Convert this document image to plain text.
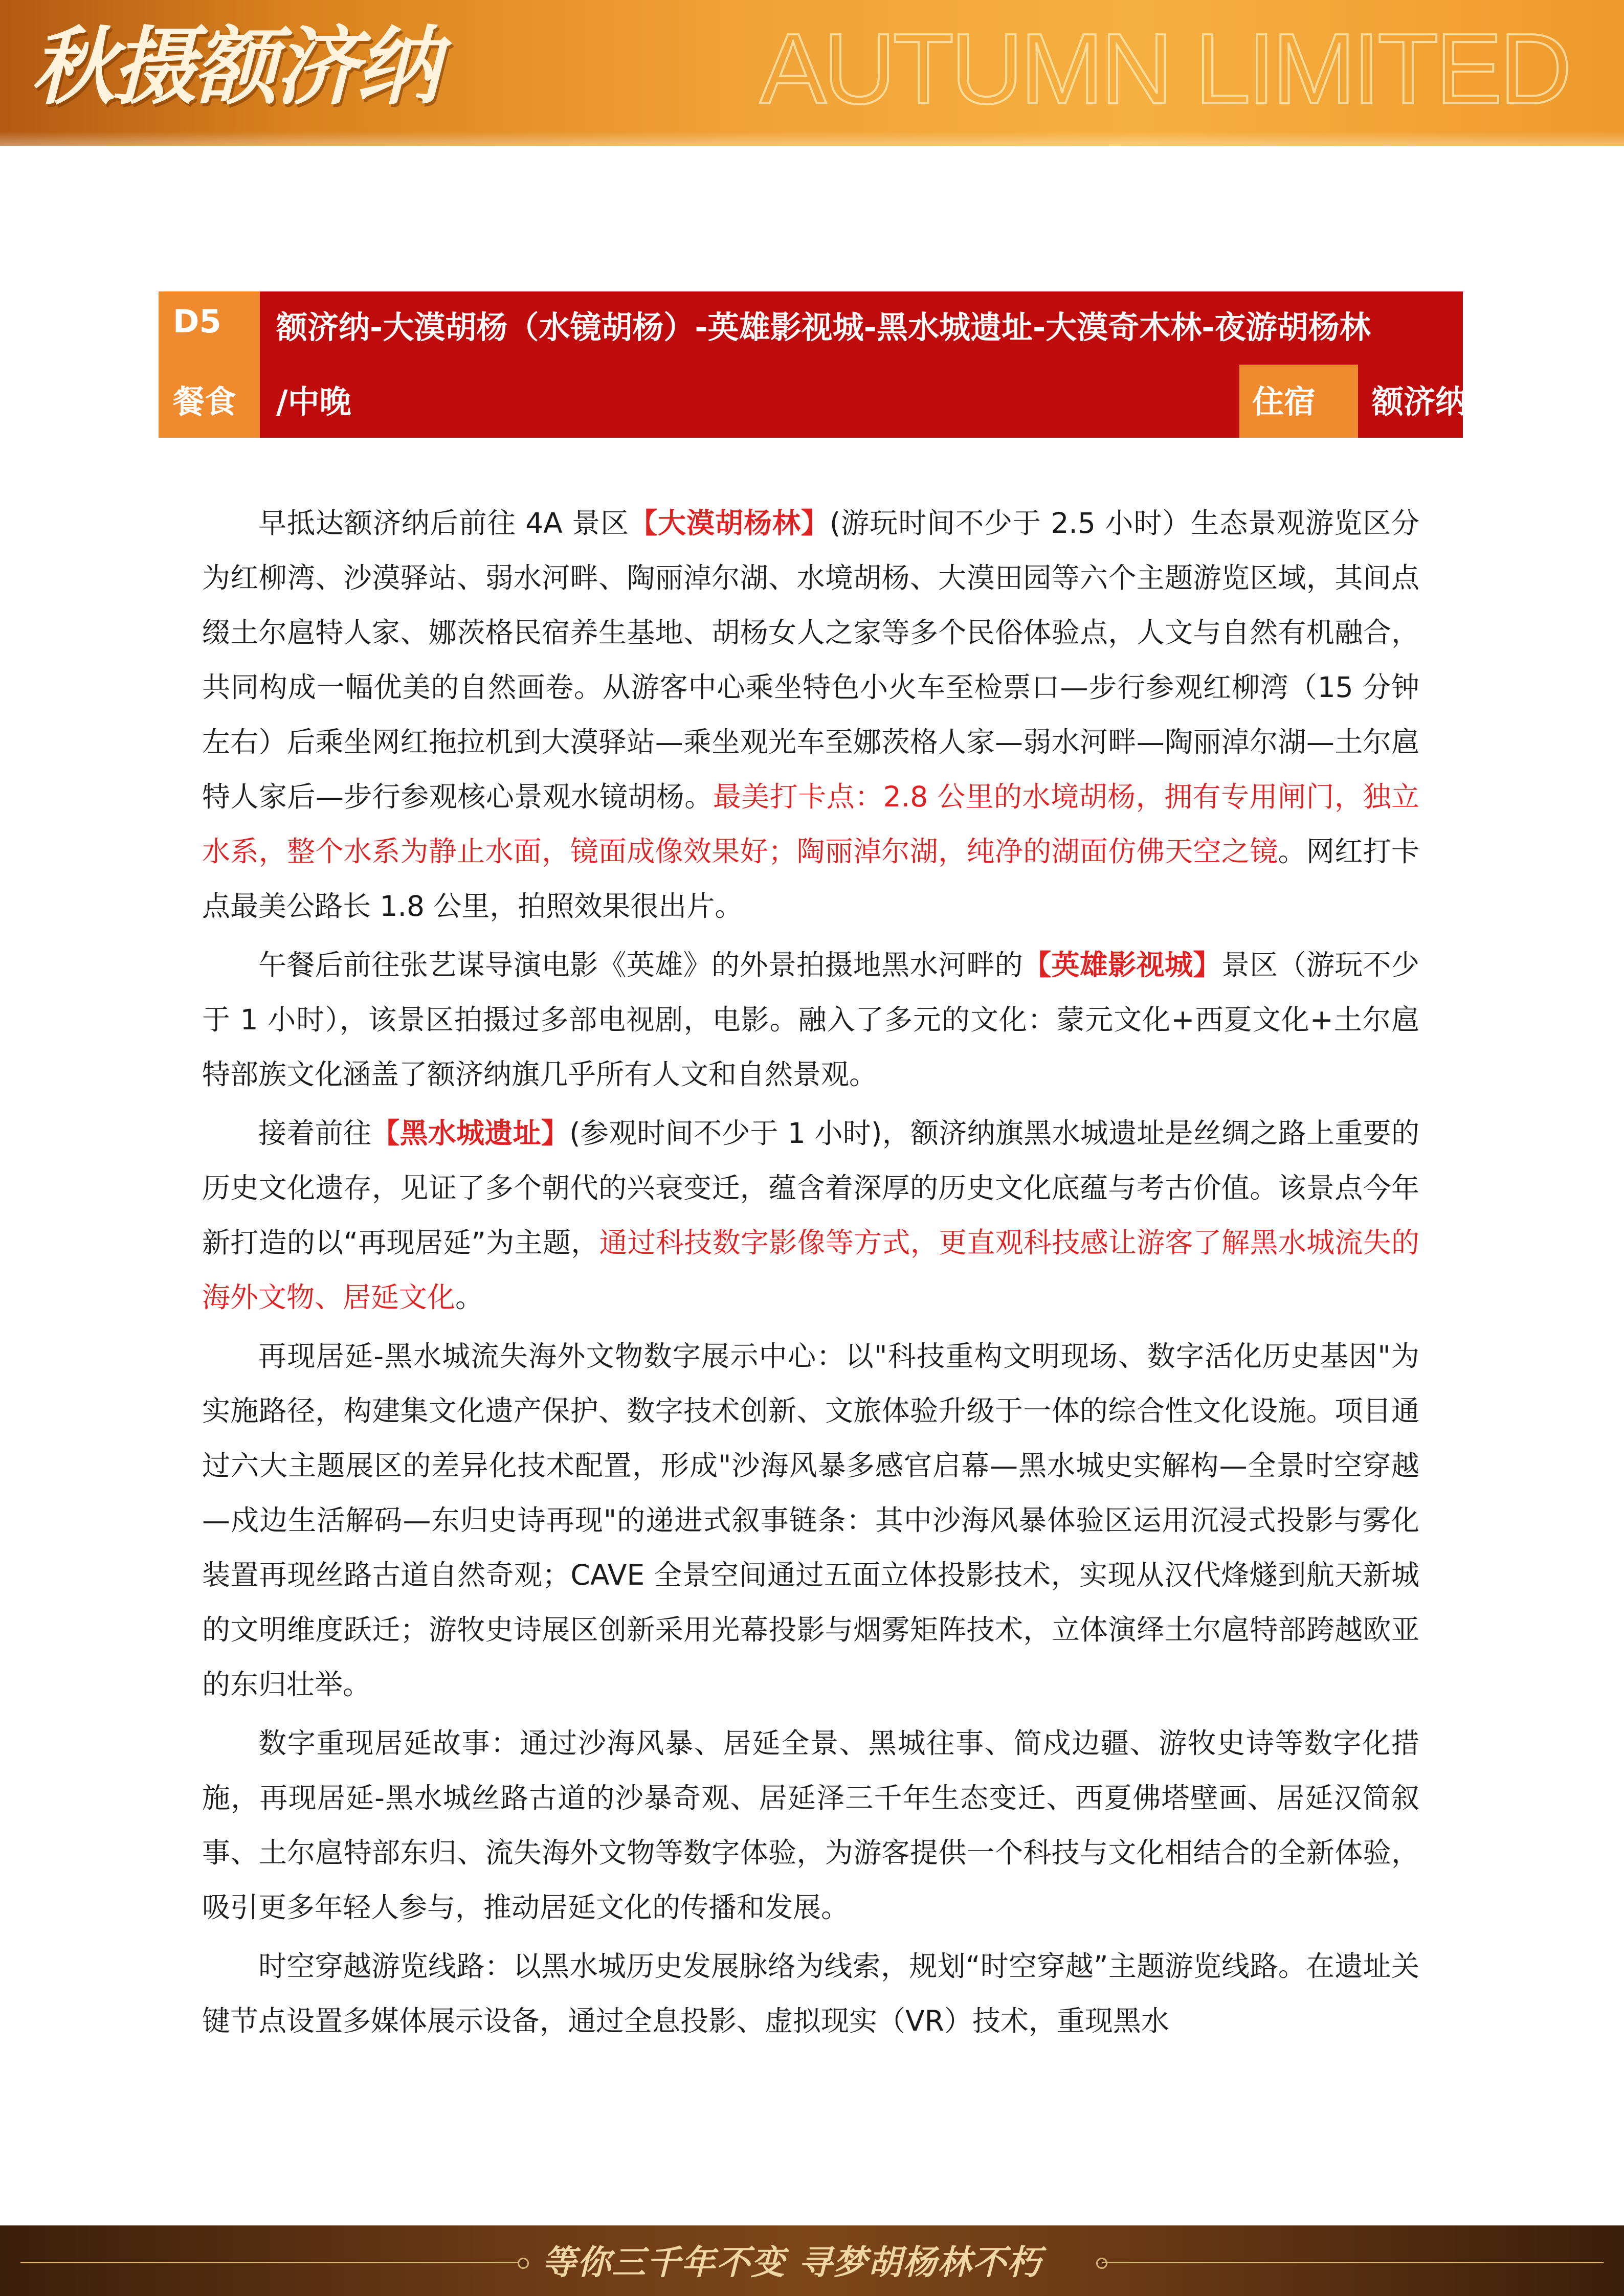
秋摄额济纳	AUTUMN LIMITED
D5
餐食
额济纳-大漠胡杨（水镜胡杨）-英雄影视城-黑水城遗址-大漠奇木林-夜游胡杨林
/中晚	住宿 额济纳

早抵达额济纳后前往 4A 景区【大漠胡杨林】(游玩时间不少于 2.5 小时）生态景观游览区分为红柳湾、沙漠驿站、弱水河畔、陶丽淖尔湖、水境胡杨、大漠田园等六个主题游览区域，其间点缀土尔扈特人家、娜茨格民宿养生基地、胡杨女人之家等多个民俗体验点，人文与自然有机融合，共同构成一幅优美的自然画卷。从游客中心乘坐特色小火车至检票口—步行参观红柳湾（15 分钟左右）后乘坐网红拖拉机到大漠驿站—乘坐观光车至娜茨格人家—弱水河畔—陶丽淖尔湖—土尔扈特人家后—步行参观核心景观水镜胡杨。最美打卡点：2.8 公里的水境胡杨，拥有专用闸门，独立水系，整个水系为静止水面，镜面成像效果好；陶丽淖尔湖，纯净的湖面仿佛天空之镜。网红打卡点最美公路长 1.8 公里，拍照效果很出片。

午餐后前往张艺谋导演电影《英雄》的外景拍摄地黑水河畔的【英雄影视城】景区（游玩不少于 1 小时），该景区拍摄过多部电视剧，电影。融入了多元的文化：蒙元文化+西夏文化+土尔扈特部族文化涵盖了额济纳旗几乎所有人文和自然景观。

接着前往【黑水城遗址】(参观时间不少于 1 小时)，额济纳旗黑水城遗址是丝绸之路上重要的历史文化遗存，见证了多个朝代的兴衰变迁，蕴含着深厚的历史文化底蕴与考古价值。该景点今年新打造的以“再现居延”为主题，通过科技数字影像等方式，更直观科技感让游客了解黑水城流失的海外文物、居延文化。

再现居延-黑水城流失海外文物数字展示中心：以"科技重构文明现场、数字活化历史基因"为实施路径，构建集文化遗产保护、数字技术创新、文旅体验升级于一体的综合性文化设施。项目通过六大主题展区的差异化技术配置，形成"沙海风暴多感官启幕—黑水城史实解构—全景时空穿越—戍边生活解码—东归史诗再现"的递进式叙事链条：其中沙海风暴体验区运用沉浸式投影与雾化装置再现丝路古道自然奇观；CAVE 全景空间通过五面立体投影技术，实现从汉代烽燧到航天新城的文明维度跃迁；游牧史诗展区创新采用光幕投影与烟雾矩阵技术，立体演绎土尔扈特部跨越欧亚的东归壮举。

数字重现居延故事：通过沙海风暴、居延全景、黑城往事、简戍边疆、游牧史诗等数字化措施，再现居延-黑水城丝路古道的沙暴奇观、居延泽三千年生态变迁、西夏佛塔壁画、居延汉简叙事、土尔扈特部东归、流失海外文物等数字体验，为游客提供一个科技与文化相结合的全新体验，吸引更多年轻人参与，推动居延文化的传播和发展。

时空穿越游览线路：以黑水城历史发展脉络为线索，规划“时空穿越”主题游览线路。在遗址关键节点设置多媒体展示设备，通过全息投影、虚拟现实（VR）技术，重现黑水

等你三千年不变 寻梦胡杨林不朽
